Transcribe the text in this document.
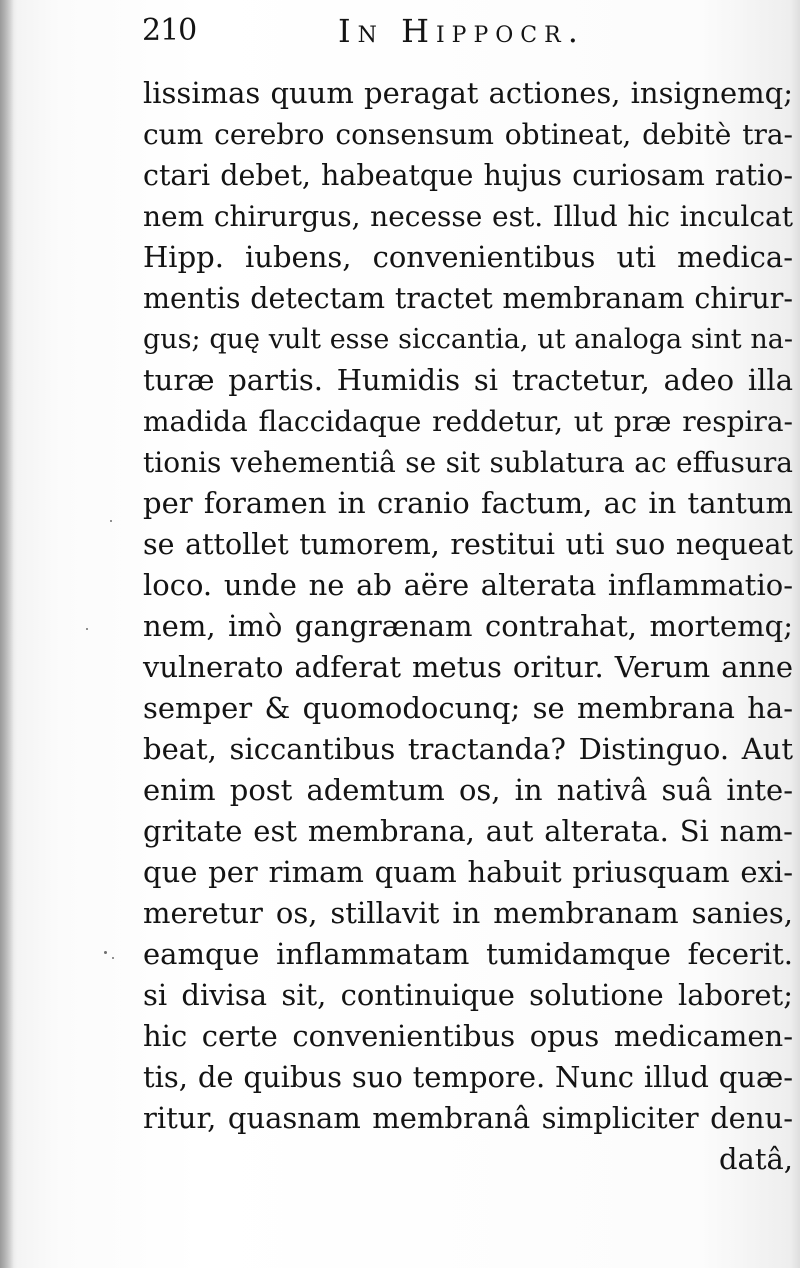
210	In Hippocr.
lissimas quum peragat actiones, insignemq;
cum cerebro consensum obtineat, debitè tra-
ctari debet, habeatque hujus curiosam ratio-
nem chirurgus, necesse est. Illud hic inculcat
Hipp. iubens, convenientibus uti medica-
mentis detectam tractet membranam chirur-
gus; quę vult esse siccantia, ut analoga sint na-
turæ partis. Humidis si tractetur, adeo illa
madida flaccidaque reddetur, ut præ respira-
tionis vehementiâ se sit sublatura ac effusura
per foramen in cranio factum, ac in tantum
se attollet tumorem, restitui uti suo nequeat
loco. unde ne ab aëre alterata inflammatio-
nem, imò gangrænam contrahat, mortemq;
vulnerato adferat metus oritur. Verum anne
semper & quomodocunq; se membrana ha-
beat, siccantibus tractanda? Distinguo. Aut
enim post ademtum os, in nativâ suâ inte-
gritate est membrana, aut alterata. Si nam-
que per rimam quam habuit priusquam exi-
meretur os, stillavit in membranam sanies,
eamque inflammatam tumidamque fecerit.
si divisa sit, continuique solutione laboret;
hic certe convenientibus opus medicamen-
tis, de quibus suo tempore. Nunc illud quæ-
ritur, quasnam membranâ simpliciter denu-
datâ,
